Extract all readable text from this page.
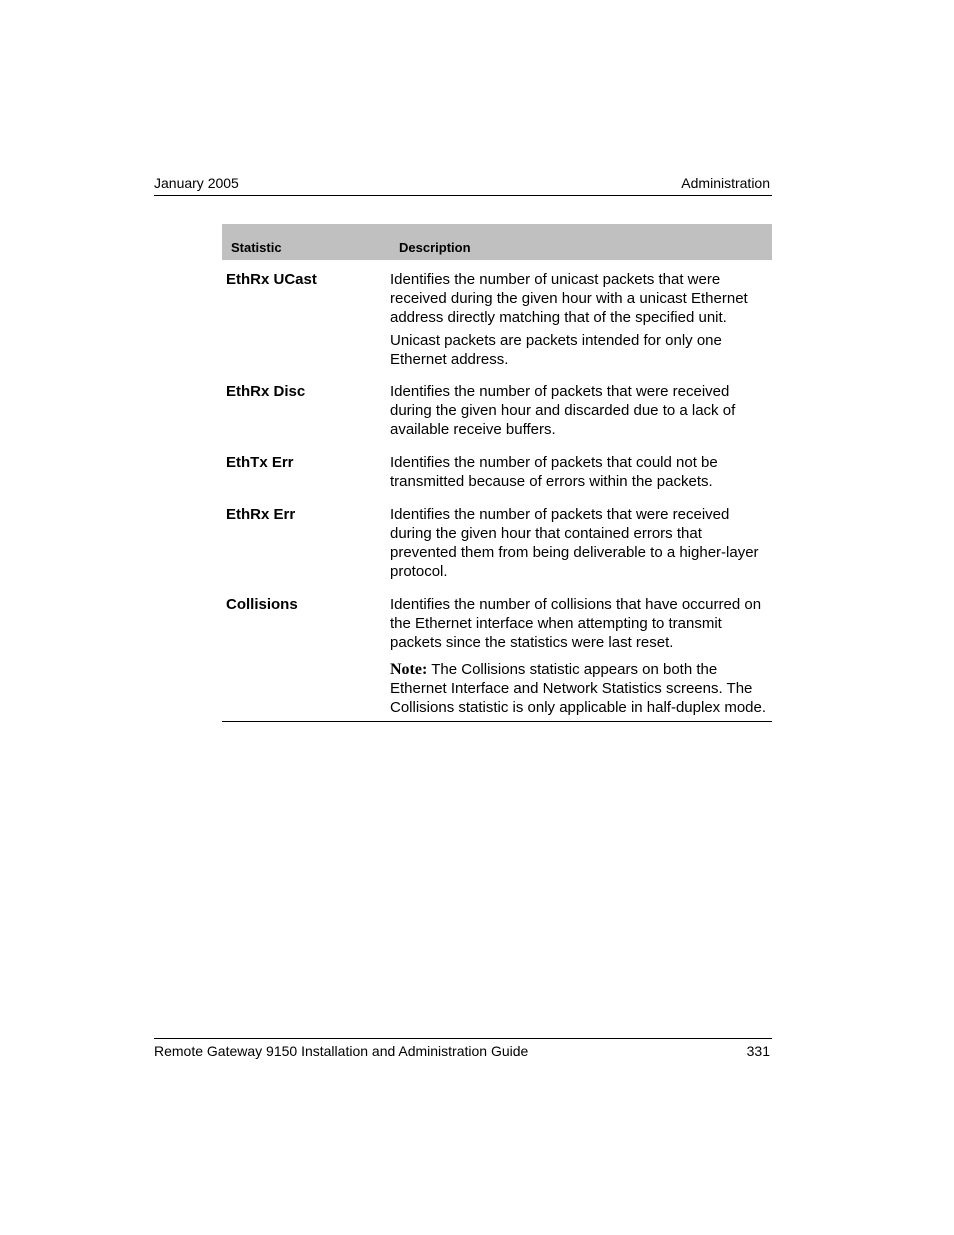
January 2005	Administration
Statistic	Description
EthRx UCast	Identifies the number of unicast packets that were received during the given hour with a unicast Ethernet address directly matching that of the specified unit.

Unicast packets are packets intended for only one Ethernet address.

EthRx Disc	Identifies the number of packets that were received during the given hour and discarded due to a lack of available receive buffers.

EthTx Err	Identifies the number of packets that could not be transmitted because of errors within the packets.

EthRx Err	Identifies the number of packets that were received during the given hour that contained errors that prevented them from being deliverable to a higher-layer protocol.

Collisions	Identifies the number of collisions that have occurred on the Ethernet interface when attempting to transmit packets since the statistics were last reset.

Note: The Collisions statistic appears on both the Ethernet Interface and Network Statistics screens. The Collisions statistic is only applicable in half-duplex mode.

Remote Gateway 9150 Installation and Administration Guide	331
